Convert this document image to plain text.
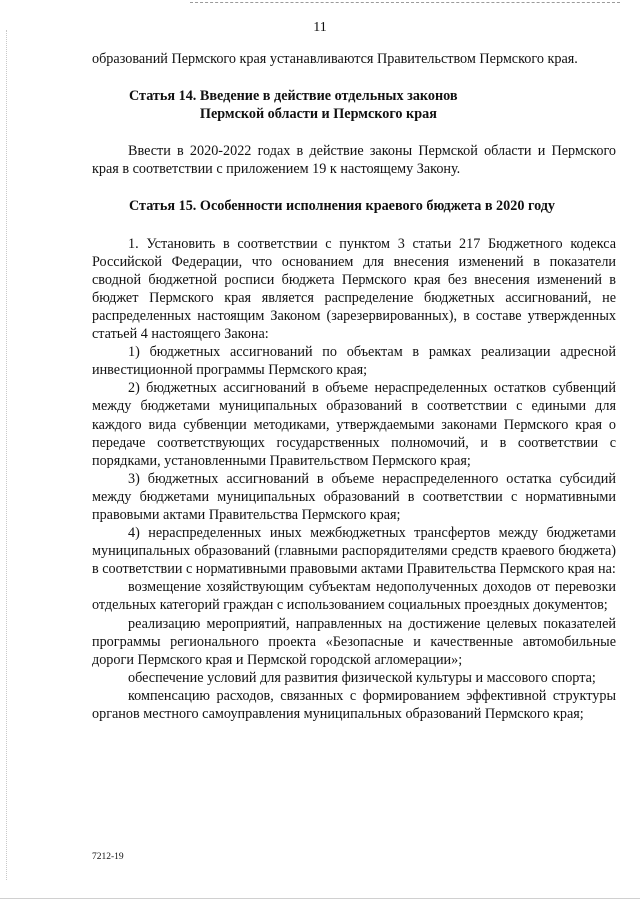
11

образований Пермского края устанавливаются Правительством Пермского края.

Статья 14.
Введение в действие отдельных законов
Пермской области и Пермского края

Ввести в 2020-2022 годах в действие законы Пермской области и Пермского края в соответствии с приложением 19 к настоящему Закону.

Статья 15.
Особенности исполнения краевого бюджета в 2020 году

1. Установить в соответствии с пунктом 3 статьи 217 Бюджетного кодекса Российской Федерации, что основанием для внесения изменений в показатели сводной бюджетной росписи бюджета Пермского края без внесения изменений в бюджет Пермского края является распределение бюджетных ассигнований, не распределенных настоящим Законом (зарезервированных), в составе утвержденных статьей 4 настоящего Закона:

1) бюджетных ассигнований по объектам в рамках реализации адресной инвестиционной программы Пермского края;

2) бюджетных ассигнований в объеме нераспределенных остатков субвенций между бюджетами муниципальных образований в соответствии с едиными для каждого вида субвенции методиками, утверждаемыми законами Пермского края о передаче соответствующих государственных полномочий, и в соответствии с порядками, установленными Правительством Пермского края;

3) бюджетных ассигнований в объеме нераспределенного остатка субсидий между бюджетами муниципальных образований в соответствии с нормативными правовыми актами Правительства Пермского края;

4) нераспределенных иных межбюджетных трансфертов между бюджетами муниципальных образований (главными распорядителями средств краевого бюджета) в соответствии с нормативными правовыми актами Правительства Пермского края на:

возмещение хозяйствующим субъектам недополученных доходов от перевозки отдельных категорий граждан с использованием социальных проездных документов;

реализацию мероприятий, направленных на достижение целевых показателей программы регионального проекта «Безопасные и качественные автомобильные дороги Пермского края и Пермской городской агломерации»;

обеспечение условий для развития физической культуры и массового спорта;

компенсацию расходов, связанных с формированием эффективной структуры органов местного самоуправления муниципальных образований Пермского края;

7212-19
